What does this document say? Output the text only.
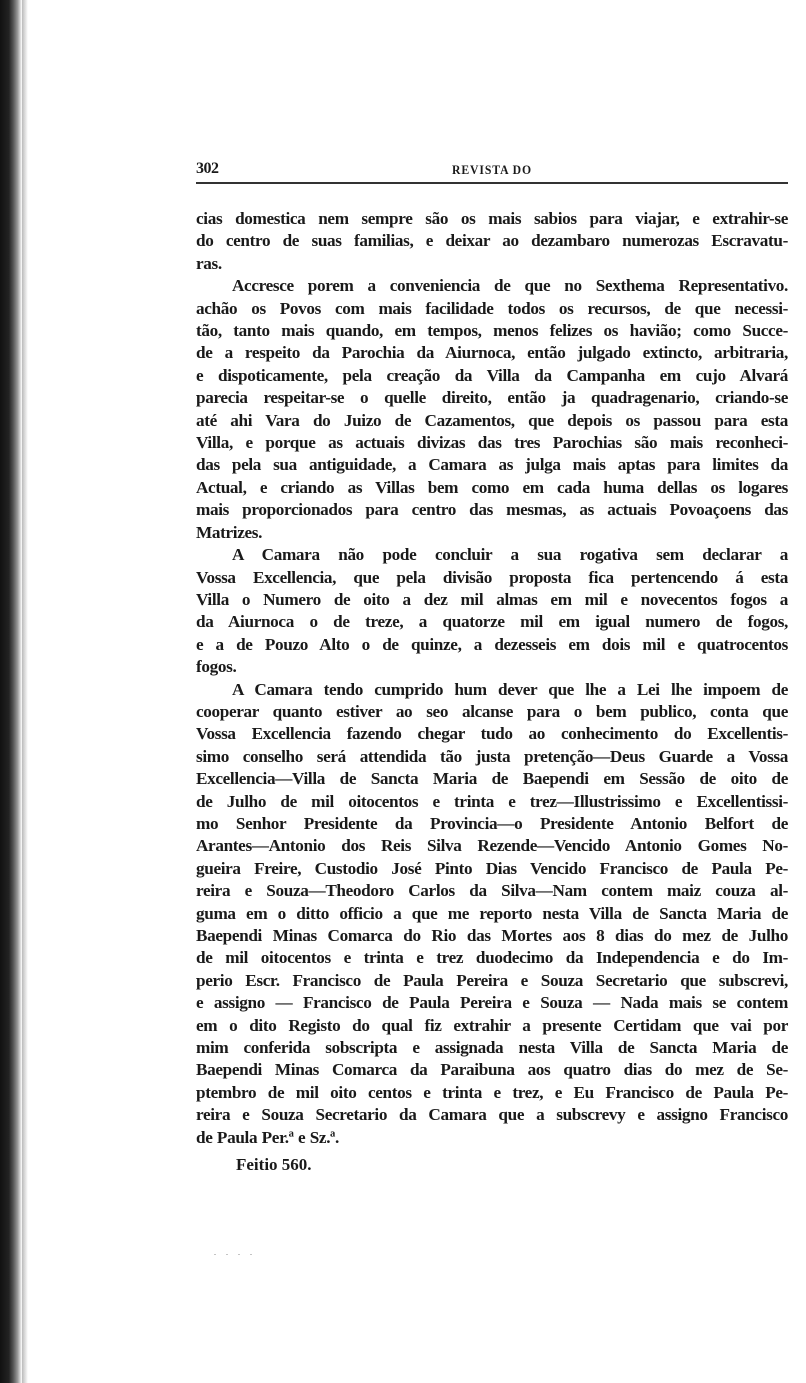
302	REVISTA DO

cias domestica nem sempre são os mais sabios para viajar, e extrahir-se
do centro de suas familias, e deixar ao dezambaro numerozas Escravatu-
ras.

Accresce porem a conveniencia de que no Sexthema Representativo.
achão os Povos com mais facilidade todos os recursos, de que necessi-
tão, tanto mais quando, em tempos, menos felizes os havião; como Succe-
de a respeito da Parochia da Aiurnoca, então julgado extincto, arbitraria,
e dispoticamente, pela creação da Villa da Campanha em cujo Alvará
parecia respeitar-se o quelle direito, então ja quadragenario, criando-se
até ahi Vara do Juizo de Cazamentos, que depois os passou para esta
Villa, e porque as actuais divizas das tres Parochias são mais reconheci-
das pela sua antiguidade, a Camara as julga mais aptas para limites da
Actual, e criando as Villas bem como em cada huma dellas os logares
mais proporcionados para centro das mesmas, as actuais Povoaçoens das
Matrizes.

A Camara não pode concluir a sua rogativa sem declarar a
Vossa Excellencia, que pela divisão proposta fica pertencendo á esta
Villa o Numero de oito a dez mil almas em mil e novecentos fogos a
da Aiurnoca o de treze, a quatorze mil em igual numero de fogos,
e a de Pouzo Alto o de quinze, a dezesseis em dois mil e quatrocentos
fogos.

A Camara tendo cumprido hum dever que lhe a Lei lhe impoem de
cooperar quanto estiver ao seo alcanse para o bem publico, conta que
Vossa Excellencia fazendo chegar tudo ao conhecimento do Excellentis-
simo conselho será attendida tão justa pretenção—Deus Guarde a Vossa
Excellencia—Villa de Sancta Maria de Baependi em Sessão de oito de
de Julho de mil oitocentos e trinta e trez—Illustrissimo e Excellentissi-
mo Senhor Presidente da Provincia—o Presidente Antonio Belfort de
Arantes—Antonio dos Reis Silva Rezende—Vencido Antonio Gomes No-
gueira Freire, Custodio José Pinto Dias Vencido Francisco de Paula Pe-
reira e Souza—Theodoro Carlos da Silva—Nam contem maiz couza al-
guma em o ditto officio a que me reporto nesta Villa de Sancta Maria de
Baependi Minas Comarca do Rio das Mortes aos 8 dias do mez de Julho
de mil oitocentos e trinta e trez duodecimo da Independencia e do Im-
perio Escr. Francisco de Paula Pereira e Souza Secretario que subscrevi,
e assigno — Francisco de Paula Pereira e Souza — Nada mais se contem
em o dito Registo do qual fiz extrahir a presente Certidam que vai por
mim conferida sobscripta e assignada nesta Villa de Sancta Maria de
Baependi Minas Comarca da Paraibuna aos quatro dias do mez de Se-
ptembro de mil oito centos e trinta e trez, e Eu Francisco de Paula Pe-
reira e Souza Secretario da Camara que a subscrevy e assigno Francisco
de Paula Per.ª e Sz.ª.

Feitio 560.
. . . .
